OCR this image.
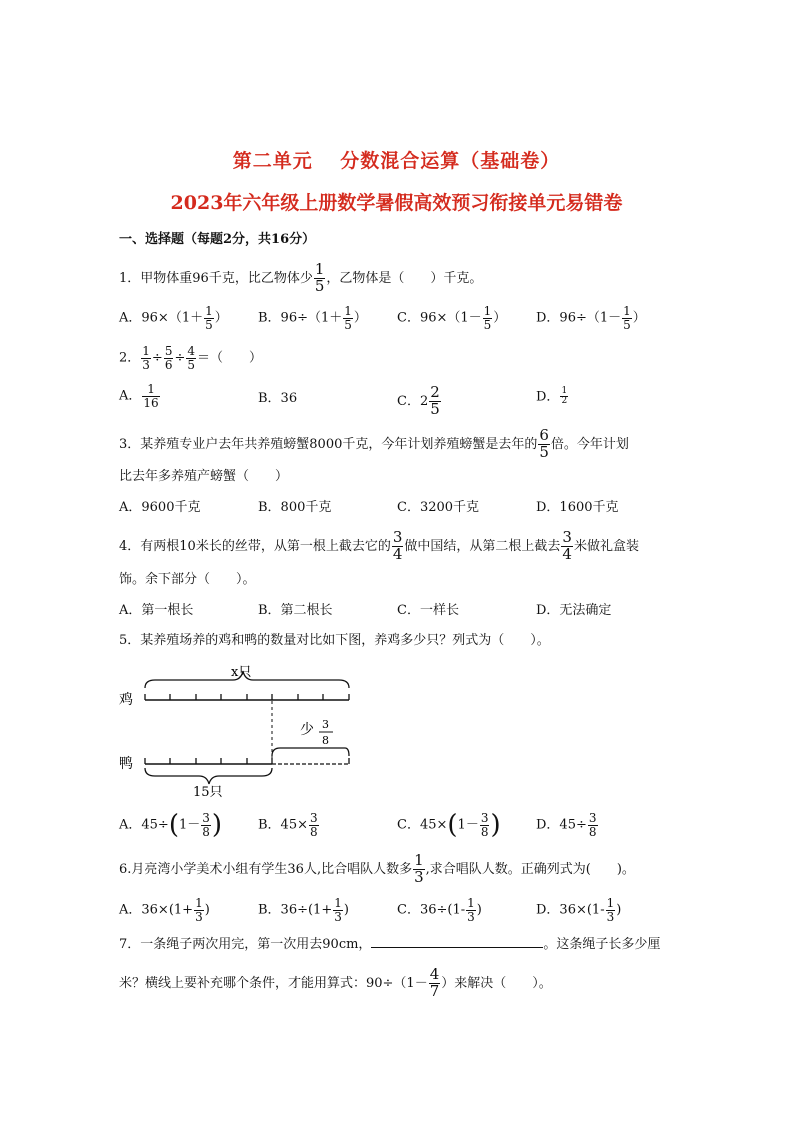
第二单元　 分数混合运算（基础卷）
2023年六年级上册数学暑假高效预习衔接单元易错卷
一、选择题（每题2分，共16分）
1．甲物体重96千克，比乙物体少 $\frac{1}{5}$ ，乙物体是（　　）千克。
A．$96\times(1+ \frac{1}{5}$ ） B．$96\div(1+ \frac{1}{5}$ ） C．$96\times(1- \frac{1}{5}$ ） D．$96\div(1- \frac{1}{5}$ ）
2． $\frac{1}{3} \div \frac{5}{6} \div \frac{4}{5}$ ＝（　　）
A． $\frac{1}{16}$	B．36	C．$2 \frac{2}{5}$	D． $\frac{1}{2}$
3．某养殖专业户去年共养殖螃蟹8000千克，今年计划养殖螃蟹是去年的 $\frac{6}{5}$ 倍。今年计划
比去年多养殖产螃蟹（　　）
A．9600千克	B．800千克	C．3200千克	D．1600千克
4．有两根10米长的丝带，从第一根上截去它的 $\frac{3}{4}$ 做中国结，从第二根上截去 $\frac{3}{4}$ 米做礼盒装
饰。余下部分（　　）。
A．第一根长	B．第二根长	C．一样长	D．无法确定
5．某养殖场养的鸡和鸭的数量对比如下图，养鸡多少只？列式为（　　）。
鸡
x只
少 3
8
鸭
15只
A．$45\div(1- \frac{3}{8}$ )	B．$45\times \frac{3}{8}$	C．$45\times(1- \frac{3}{8}$ )	D．$45\div \frac{3}{8}$
6.月亮湾小学美术小组有学生36人,比合唱队人数多 $\frac{1}{3}$ ,求合唱队人数。正确列式为(　　)。
A．$36\times(1+ \frac{1}{3}$ )	B．$36\div(1+ \frac{1}{3}$ )	C．$36\div(1- \frac{1}{3}$ )	D．$36\times(1- \frac{1}{3}$ )
7．一条绳子两次用完，第一次用去90cm，	。这条绳子长多少厘
米？横线上要补充哪个条件，才能用算式：$90\div(1- \frac{4}{7}$ ）来解决（　　）。
